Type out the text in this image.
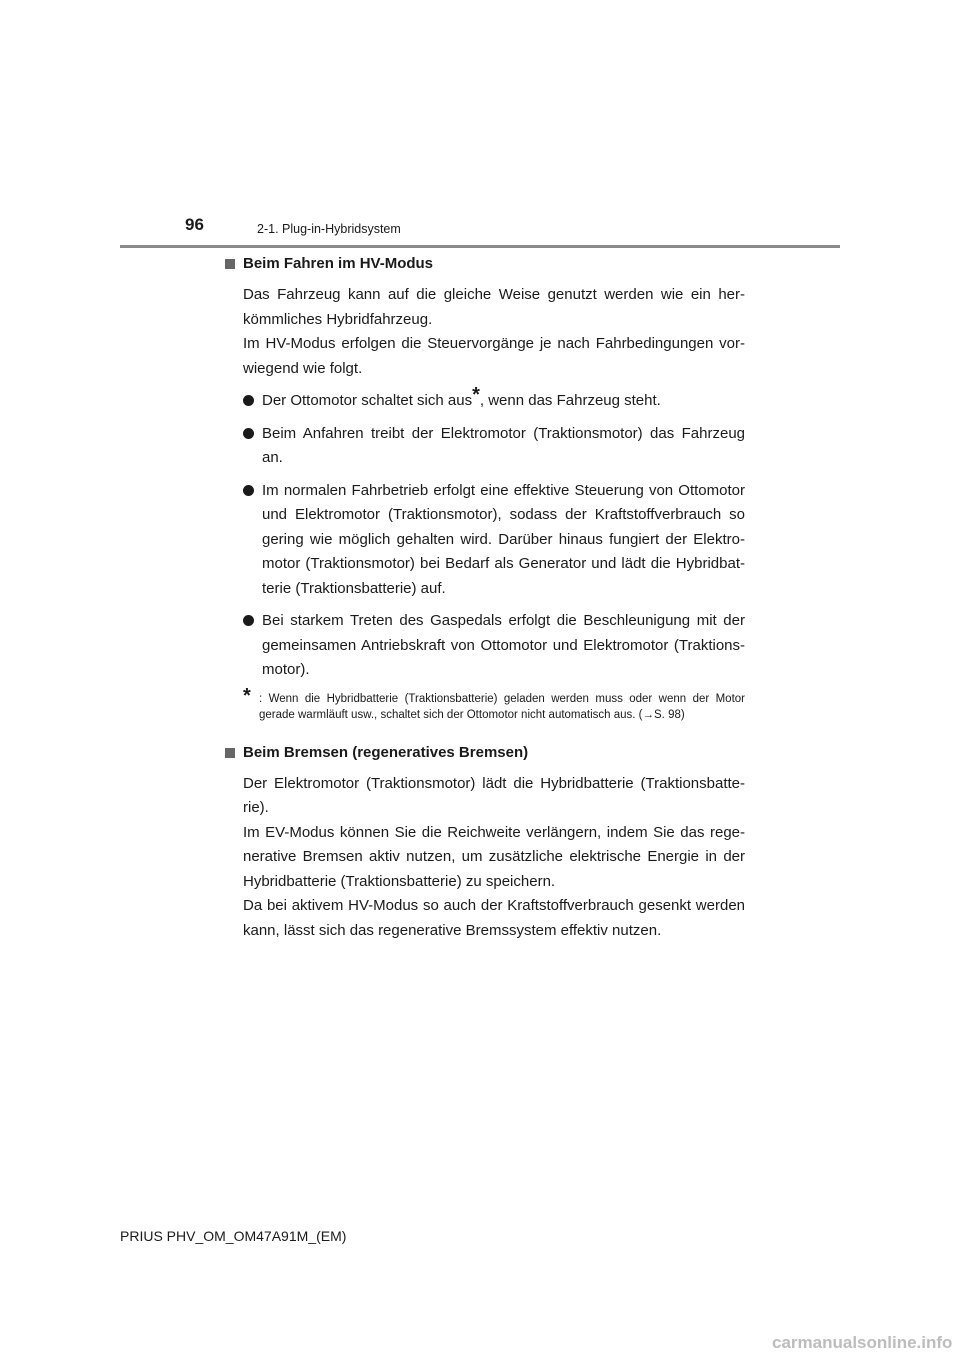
96	2-1. Plug-in-Hybridsystem
Beim Fahren im HV-Modus
Das Fahrzeug kann auf die gleiche Weise genutzt werden wie ein her-kömmliches Hybridfahrzeug.
Im HV-Modus erfolgen die Steuervorgänge je nach Fahrbedingungen vor-wiegend wie folgt.
Der Ottomotor schaltet sich aus*, wenn das Fahrzeug steht.
Beim Anfahren treibt der Elektromotor (Traktionsmotor) das Fahrzeug an.
Im normalen Fahrbetrieb erfolgt eine effektive Steuerung von Ottomotor und Elektromotor (Traktionsmotor), sodass der Kraftstoffverbrauch so gering wie möglich gehalten wird. Darüber hinaus fungiert der Elektro-motor (Traktionsmotor) bei Bedarf als Generator und lädt die Hybridbat-terie (Traktionsbatterie) auf.
Bei starkem Treten des Gaspedals erfolgt die Beschleunigung mit der gemeinsamen Antriebskraft von Ottomotor und Elektromotor (Traktions-motor).
* : Wenn die Hybridbatterie (Traktionsbatterie) geladen werden muss oder wenn der Motor gerade warmläuft usw., schaltet sich der Ottomotor nicht automatisch aus. (→S. 98)
Beim Bremsen (regeneratives Bremsen)
Der Elektromotor (Traktionsmotor) lädt die Hybridbatterie (Traktionsbatte-rie).
Im EV-Modus können Sie die Reichweite verlängern, indem Sie das rege-nerative Bremsen aktiv nutzen, um zusätzliche elektrische Energie in der Hybridbatterie (Traktionsbatterie) zu speichern.
Da bei aktivem HV-Modus so auch der Kraftstoffverbrauch gesenkt werden kann, lässt sich das regenerative Bremssystem effektiv nutzen.
PRIUS PHV_OM_OM47A91M_(EM)
carmanualsonline.info
